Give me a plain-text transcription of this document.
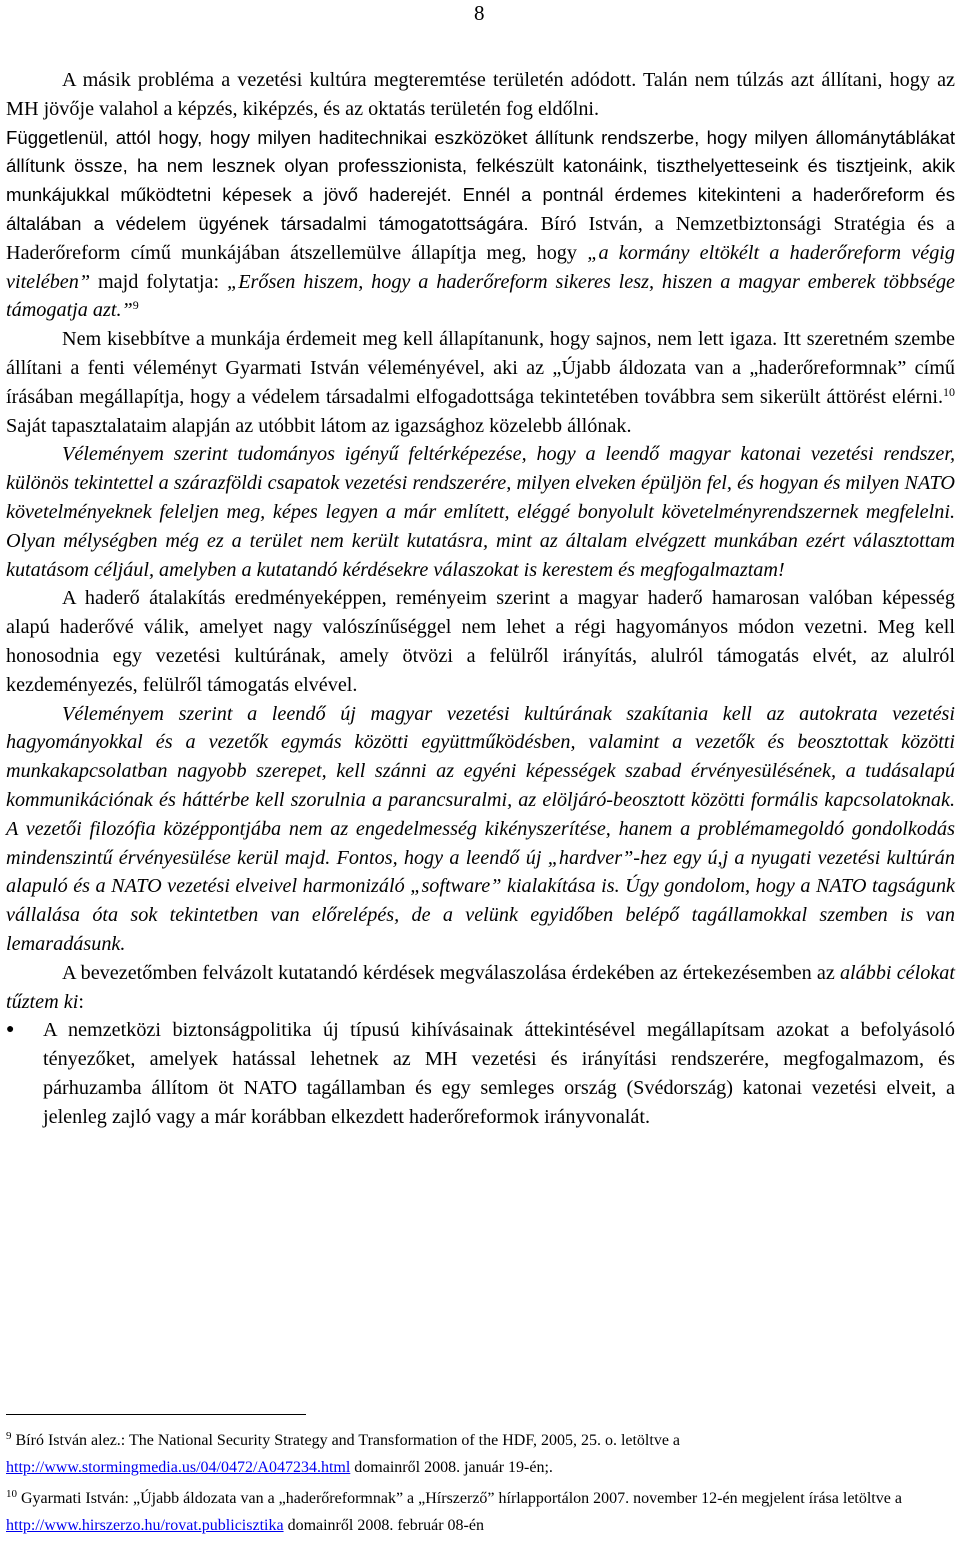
8

A másik probléma a vezetési kultúra megteremtése területén adódott. Talán nem túlzás azt állítani, hogy az MH jövője valahol a képzés, kiképzés, és az oktatás területén fog eldőlni.

Függetlenül, attól hogy, hogy milyen haditechnikai eszközöket állítunk rendszerbe, hogy milyen állománytáblákat állítunk össze, ha nem lesznek olyan professzionista, felkészült katonáink, tiszthelyetteseink és tisztjeink, akik munkájukkal működtetni képesek a jövő haderejét. Ennél a pontnál érdemes kitekinteni a haderőreform és általában a védelem ügyének társadalmi támogatottságára. Bíró István, a Nemzetbiztonsági Stratégia és a Haderőreform című munkájában átszellemülve állapítja meg, hogy „a kormány eltökélt a haderőreform végig vitelében” majd folytatja: „Erősen hiszem, hogy a haderőreform sikeres lesz, hiszen a magyar emberek többsége támogatja azt.”$^9$

Nem kisebbítve a munkája érdemeit meg kell állapítanunk, hogy sajnos, nem lett igaza. Itt szeretném szembe állítani a fenti véleményt Gyarmati István véleményével, aki az „Újabb áldozata van a „haderőreformnak” című írásában megállapítja, hogy a védelem társadalmi elfogadottsága tekintetében továbbra sem sikerült áttörést elérni.$^{10}$ Saját tapasztalataim alapján az utóbbit látom az igazsághoz közelebb állónak.

Véleményem szerint tudományos igényű feltérképezése, hogy a leendő magyar katonai vezetési rendszer, különös tekintettel a szárazföldi csapatok vezetési rendszerére, milyen elveken épüljön fel, és hogyan és milyen NATO követelményeknek feleljen meg, képes legyen a már említett, eléggé bonyolult követelményrendszernek megfelelni. Olyan mélységben még ez a terület nem került kutatásra, mint az általam elvégzett munkában ezért választottam kutatásom céljául, amelyben a kutatandó kérdésekre válaszokat is kerestem és megfogalmaztam!

A haderő átalakítás eredményeképpen, reményeim szerint a magyar haderő hamarosan valóban képesség alapú haderővé válik, amelyet nagy valószínűséggel nem lehet a régi hagyományos módon vezetni. Meg kell honosodnia egy vezetési kultúrának, amely ötvözi a felülről irányítás, alulról támogatás elvét, az alulról kezdeményezés, felülről támogatás elvével.

Véleményem szerint a leendő új magyar vezetési kultúrának szakítania kell az autokrata vezetési hagyományokkal és a vezetők egymás közötti együttműködésben, valamint a vezetők és beosztottak közötti munkakapcsolatban nagyobb szerepet, kell szánni az egyéni képességek szabad érvényesülésének, a tudásalapú kommunikációnak és háttérbe kell szorulnia a parancsuralmi, az elöljáró-beosztott közötti formális kapcsolatoknak. A vezetői filozófia középpontjába nem az engedelmesség kikényszerítése, hanem a problémamegoldó gondolkodás mindenszintű érvényesülése kerül majd. Fontos, hogy a leendő új „hardver”-hez egy ú,j a nyugati vezetési kultúrán alapuló és a NATO vezetési elveivel harmonizáló „software” kialakítása is. Úgy gondolom, hogy a NATO tagságunk vállalása óta sok tekintetben van előrelépés, de a velünk egyidőben belépő tagállamokkal szemben is van lemaradásunk.

A bevezetőmben felvázolt kutatandó kérdések megválaszolása érdekében az értekezésemben az alábbi célokat tűztem ki:

● A nemzetközi biztonságpolitika új típusú kihívásainak áttekintésével megállapítsam azokat a befolyásoló tényezőket, amelyek hatással lehetnek az MH vezetési és irányítási rendszerére, megfogalmazom, és párhuzamba állítom öt NATO tagállamban és egy semleges ország (Svédország) katonai vezetési elveit, a jelenleg zajló vagy a már korábban elkezdett haderőreformok irányvonalát.

$^9$ Bíró István alez.: The National Security Strategy and Transformation of the HDF, 2005, 25. o. letöltve a http://www.stormingmedia.us/04/0472/A047234.html domainről 2008. január 19-én;.

$^{10}$ Gyarmati István: „Újabb áldozata van a „haderőreformnak” a „Hírszerző” hírlapportálon 2007. november 12-én megjelent írása letöltve a http://www.hirszerzo.hu/rovat.publicisztika domainről 2008. február 08-én
